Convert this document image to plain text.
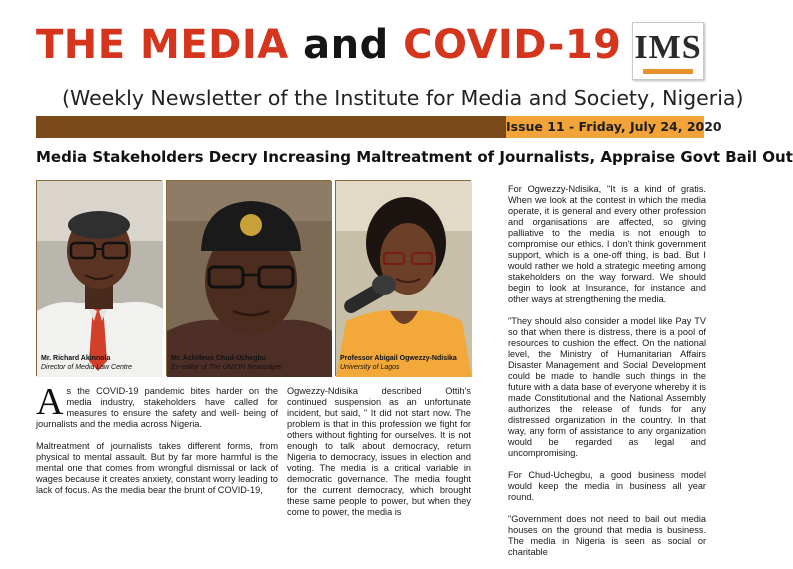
THE MEDIA and COVID-19 IMS
(Weekly Newsletter of the Institute for Media and Society, Nigeria)
Issue 11 - Friday, July 24, 2020
Media Stakeholders Decry Increasing Maltreatment of Journalists, Appraise Govt Bail Out
Mr. Richard Akinnola
Director of Media Law Centre
Mr. Achilleus Chud-Uchegbu
Ex-editor of The UNION Newspaper
Professor Abigail Ogwezzy-Ndisika
University of Lagos

For Ogwezzy-Ndisika, "It is a kind of gratis. When we look at the contest in which the media operate, it is general and every other profession and organisations are affected, so giving palliative to the media is not enough to compromise our ethics. I don't think government support, which is a one-off thing, is bad. But I would rather we hold a strategic meeting among stakeholders on the way forward. We should begin to look at Insurance, for instance and other ways at strengthening the media.

"They should also consider a model like Pay TV so that when there is distress, there is a pool of resources to cushion the effect. On the national level, the Ministry of Humanitarian Affairs Disaster Management and Social Development could be made to handle such things in the future with a data base of everyone whereby it is made Constitutional and the National Assembly authorizes the release of funds for any distressed organization in the country. In that way, any form of assistance to any organization would be regarded as legal and uncompromising.

For Chud-Uchegbu, a good business model would keep the media in business all year round.

"Government does not need to bail out media houses on the ground that media is business. The media in Nigeria is seen as social or charitable

As the COVID-19 pandemic bites harder on the media industry, stakeholders have called for measures to ensure the safety and well- being of journalists and the media across Nigeria.

Maltreatment of journalists takes different forms, from physical to mental assault. But by far more harmful is the mental one that comes from wrongful dismissal or lack of wages because it creates anxiety, constant worry leading to lack of focus. As the media bear the brunt of COVID-19,

Ogwezzy-Ndisika described Ottih's continued suspension as an unfortunate incident, but said, " It did not start now. The problem is that in this profession we fight for others without fighting for ourselves. It is not enough to talk about democracy, return Nigeria to democracy, issues in election and voting. The media is a critical variable in democratic governance. The media fought for the current democracy, which brought these same people to power, but when they come to power, the media is
